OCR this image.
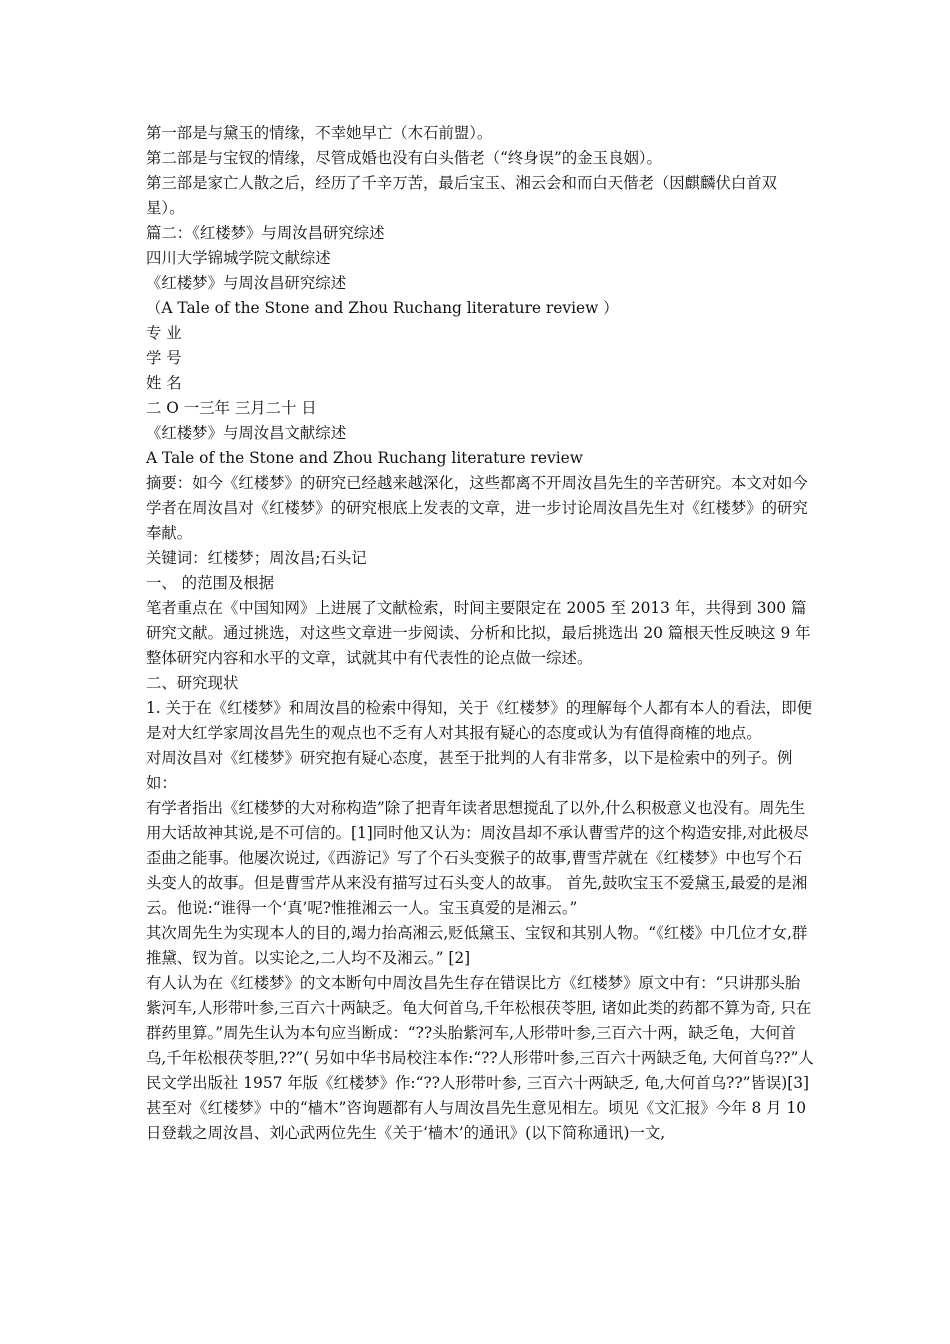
第一部是与黛玉的情缘，不幸她早亡（木石前盟）。

第二部是与宝钗的情缘，尽管成婚也没有白头偕老（“终身误”的金玉良姻）。

第三部是家亡人散之后，经历了千辛万苦，最后宝玉、湘云会和而白天偕老（因麒麟伏白首双星）。

篇二：《红楼梦》与周汝昌研究综述

四川大学锦城学院文献综述

《红楼梦》与周汝昌研究综述

（A Tale of the Stone and Zhou Ruchang literature review ）

专 业

学 号

姓 名

二 O 一三年 三月二十 日

《红楼梦》与周汝昌文献综述

A Tale of the Stone and Zhou Ruchang literature review

摘要：如今《红楼梦》的研究已经越来越深化，这些都离不开周汝昌先生的辛苦研究。本文对如今学者在周汝昌对《红楼梦》的研究根底上发表的文章，进一步讨论周汝昌先生对《红楼梦》的研究奉献。

关键词：红楼梦；周汝昌;石头记

一、 的范围及根据

笔者重点在《中国知网》上进展了文献检索，时间主要限定在 2005 至 2013 年，共得到 300 篇研究文献。通过挑选，对这些文章进一步阅读、分析和比拟，最后挑选出 20 篇根天性反映这 9 年整体研究内容和水平的文章，试就其中有代表性的论点做一综述。

二、研究现状

1. 关于在《红楼梦》和周汝昌的检索中得知，关于《红楼梦》的理解每个人都有本人的看法，即便是对大红学家周汝昌先生的观点也不乏有人对其报有疑心的态度或认为有值得商榷的地点。

对周汝昌对《红楼梦》研究抱有疑心态度，甚至于批判的人有非常多，以下是检索中的列子。例如：

有学者指出《红楼梦的大对称构造”除了把青年读者思想搅乱了以外,什么积极意义也没有。周先生用大话故神其说,是不可信的。[1]同时他又认为：周汝昌却不承认曹雪芹的这个构造安排,对此极尽歪曲之能事。他屡次说过,《西游记》写了个石头变猴子的故事,曹雪芹就在《红楼梦》中也写个石头变人的故事。但是曹雪芹从来没有描写过石头变人的故事。 首先,鼓吹宝玉不爱黛玉,最爱的是湘云。他说:“谁得一个‘真’呢?惟推湘云一人。宝玉真爱的是湘云。”

其次周先生为实现本人的目的,竭力抬高湘云,贬低黛玉、宝钗和其别人物。“《红楼》中几位才女,群推黛、钗为首。以实论之,二人均不及湘云。” [2]

有人认为在《红楼梦》的文本断句中周汝昌先生存在错误比方《红楼梦》原文中有：“只讲那头胎紫河车,人形带叶参,三百六十两缺乏。龟大何首乌,千年松根茯苓胆, 诸如此类的药都不算为奇, 只在群药里算。”周先生认为本句应当断成：“??头胎紫河车,人形带叶参,三百六十两，缺乏龟，大何首乌,千年松根茯苓胆,??”( 另如中华书局校注本作:“??人形带叶参,三百六十两缺乏龟, 大何首乌??”人民文学出版社 1957 年版《红楼梦》作:“??人形带叶参, 三百六十两缺乏, 龟,大何首乌??”皆误)[3]

甚至对《红楼梦》中的“樯木”咨询题都有人与周汝昌先生意见相左。顷见《文汇报》今年 8 月 10 日登载之周汝昌、刘心武两位先生《关于‘樯木’的通讯》(以下简称通讯)一文,
